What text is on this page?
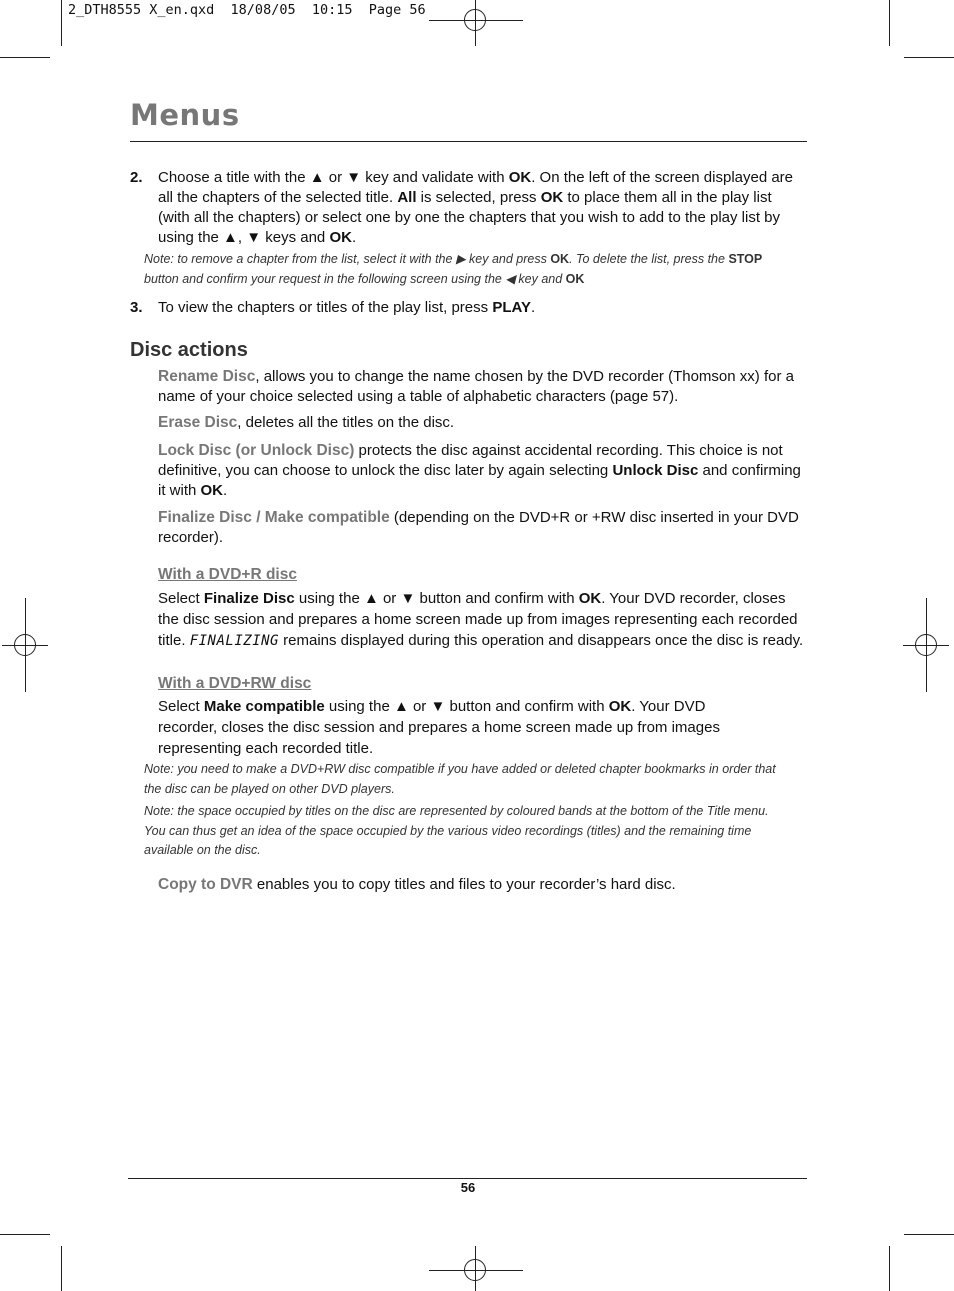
2_DTH8555 X_en.qxd  18/08/05  10:15  Page 56
Menus
2. Choose a title with the ▲ or ▼ key and validate with OK. On the left of the screen displayed are all the chapters of the selected title. All is selected, press OK to place them all in the play list (with all the chapters) or select one by one the chapters that you wish to add to the play list by using the ▲, ▼ keys and OK.
Note: to remove a chapter from the list, select it with the ▶ key and press OK. To delete the list, press the STOP button and confirm your request in the following screen using the ◀ key and OK
3. To view the chapters or titles of the play list, press PLAY.
Disc actions
Rename Disc, allows you to change the name chosen by the DVD recorder (Thomson xx) for a name of your choice selected using a table of alphabetic characters (page 57).
Erase Disc, deletes all the titles on the disc.
Lock Disc (or Unlock Disc) protects the disc against accidental recording. This choice is not definitive, you can choose to unlock the disc later by again selecting Unlock Disc and confirming it with OK.
Finalize Disc / Make compatible (depending on the DVD+R or +RW disc inserted in your DVD recorder).
With a DVD+R disc
Select Finalize Disc using the ▲ or ▼ button and confirm with OK. Your DVD recorder, closes the disc session and prepares a home screen made up from images representing each recorded title. FINALIZING remains displayed during this operation and disappears once the disc is ready.
With a DVD+RW disc
Select Make compatible using the ▲ or ▼ button and confirm with OK. Your DVD recorder, closes the disc session and prepares a home screen made up from images representing each recorded title.
Note: you need to make a DVD+RW disc compatible if you have added or deleted chapter bookmarks in order that the disc can be played on other DVD players.
Note: the space occupied by titles on the disc are represented by coloured bands at the bottom of the Title menu. You can thus get an idea of the space occupied by the various video recordings (titles) and the remaining time available on the disc.
Copy to DVR enables you to copy titles and files to your recorder’s hard disc.
56
